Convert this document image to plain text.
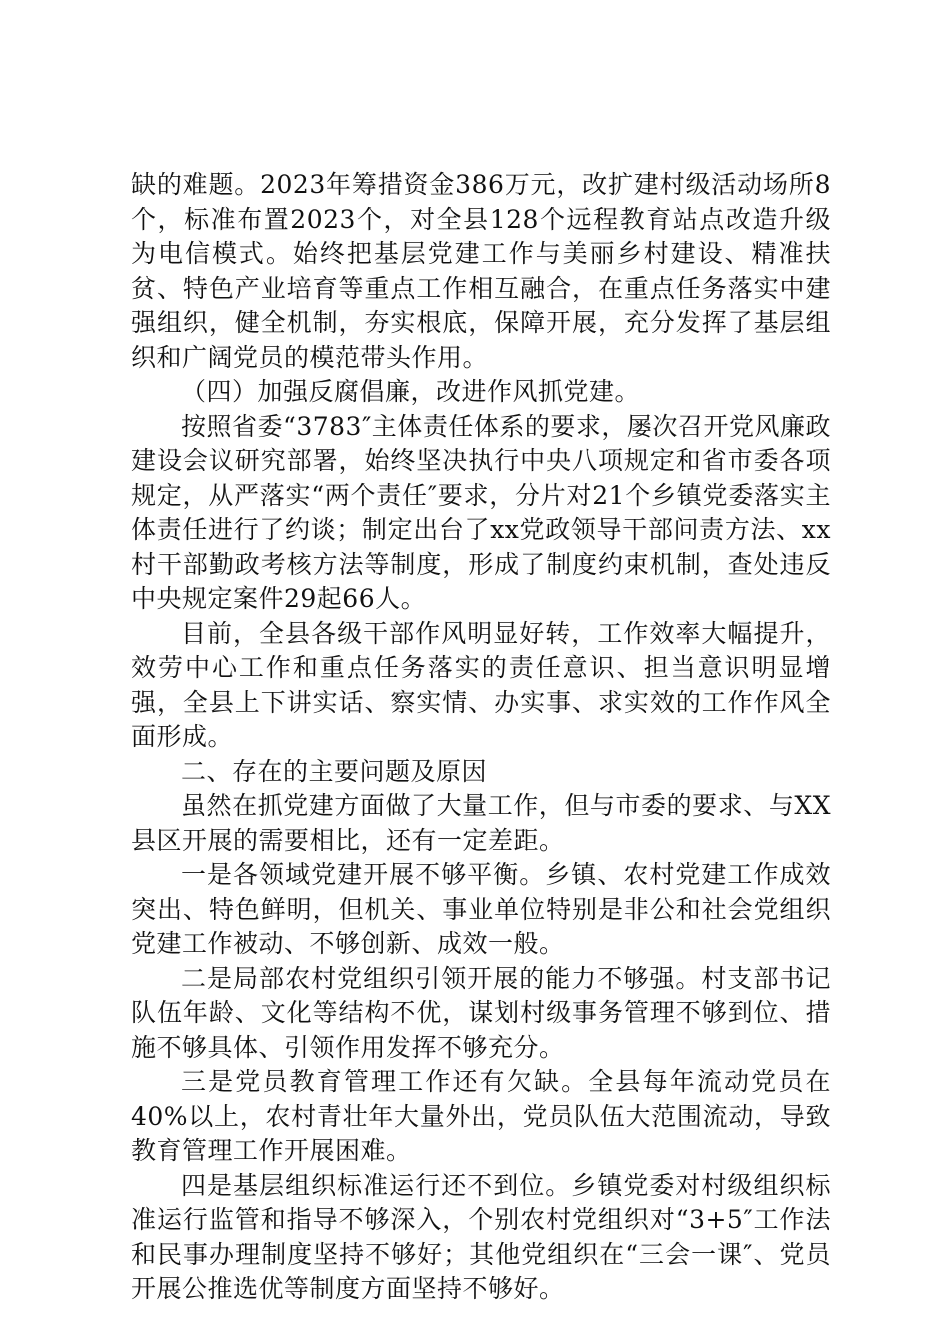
缺的难题。2023年筹措资金386万元，改扩建村级活动场所8个，标准布置2023个，对全县128个远程教育站点改造升级为电信模式。始终把基层党建工作与美丽乡村建设、精准扶贫、特色产业培育等重点工作相互融合，在重点任务落实中建强组织，健全机制，夯实根底，保障开展，充分发挥了基层组织和广阔党员的模范带头作用。

（四）加强反腐倡廉，改进作风抓党建。

按照省委“3783″主体责任体系的要求，屡次召开党风廉政建设会议研究部署，始终坚决执行中央八项规定和省市委各项规定，从严落实“两个责任″要求，分片对21个乡镇党委落实主体责任进行了约谈；制定出台了xx党政领导干部问责方法、xx村干部勤政考核方法等制度，形成了制度约束机制，查处违反中央规定案件29起66人。

目前，全县各级干部作风明显好转，工作效率大幅提升，效劳中心工作和重点任务落实的责任意识、担当意识明显增强，全县上下讲实话、察实情、办实事、求实效的工作作风全面形成。

二、存在的主要问题及原因

虽然在抓党建方面做了大量工作，但与市委的要求、与XX县区开展的需要相比，还有一定差距。

一是各领域党建开展不够平衡。乡镇、农村党建工作成效突出、特色鲜明，但机关、事业单位特别是非公和社会党组织党建工作被动、不够创新、成效一般。

二是局部农村党组织引领开展的能力不够强。村支部书记队伍年龄、文化等结构不优，谋划村级事务管理不够到位、措施不够具体、引领作用发挥不够充分。

三是党员教育管理工作还有欠缺。全县每年流动党员在40%以上，农村青壮年大量外出，党员队伍大范围流动，导致教育管理工作开展困难。

四是基层组织标准运行还不到位。乡镇党委对村级组织标准运行监管和指导不够深入，个别农村党组织对“3+5″工作法和民事办理制度坚持不够好；其他党组织在“三会一课″、党员开展公推选优等制度方面坚持不够好。
